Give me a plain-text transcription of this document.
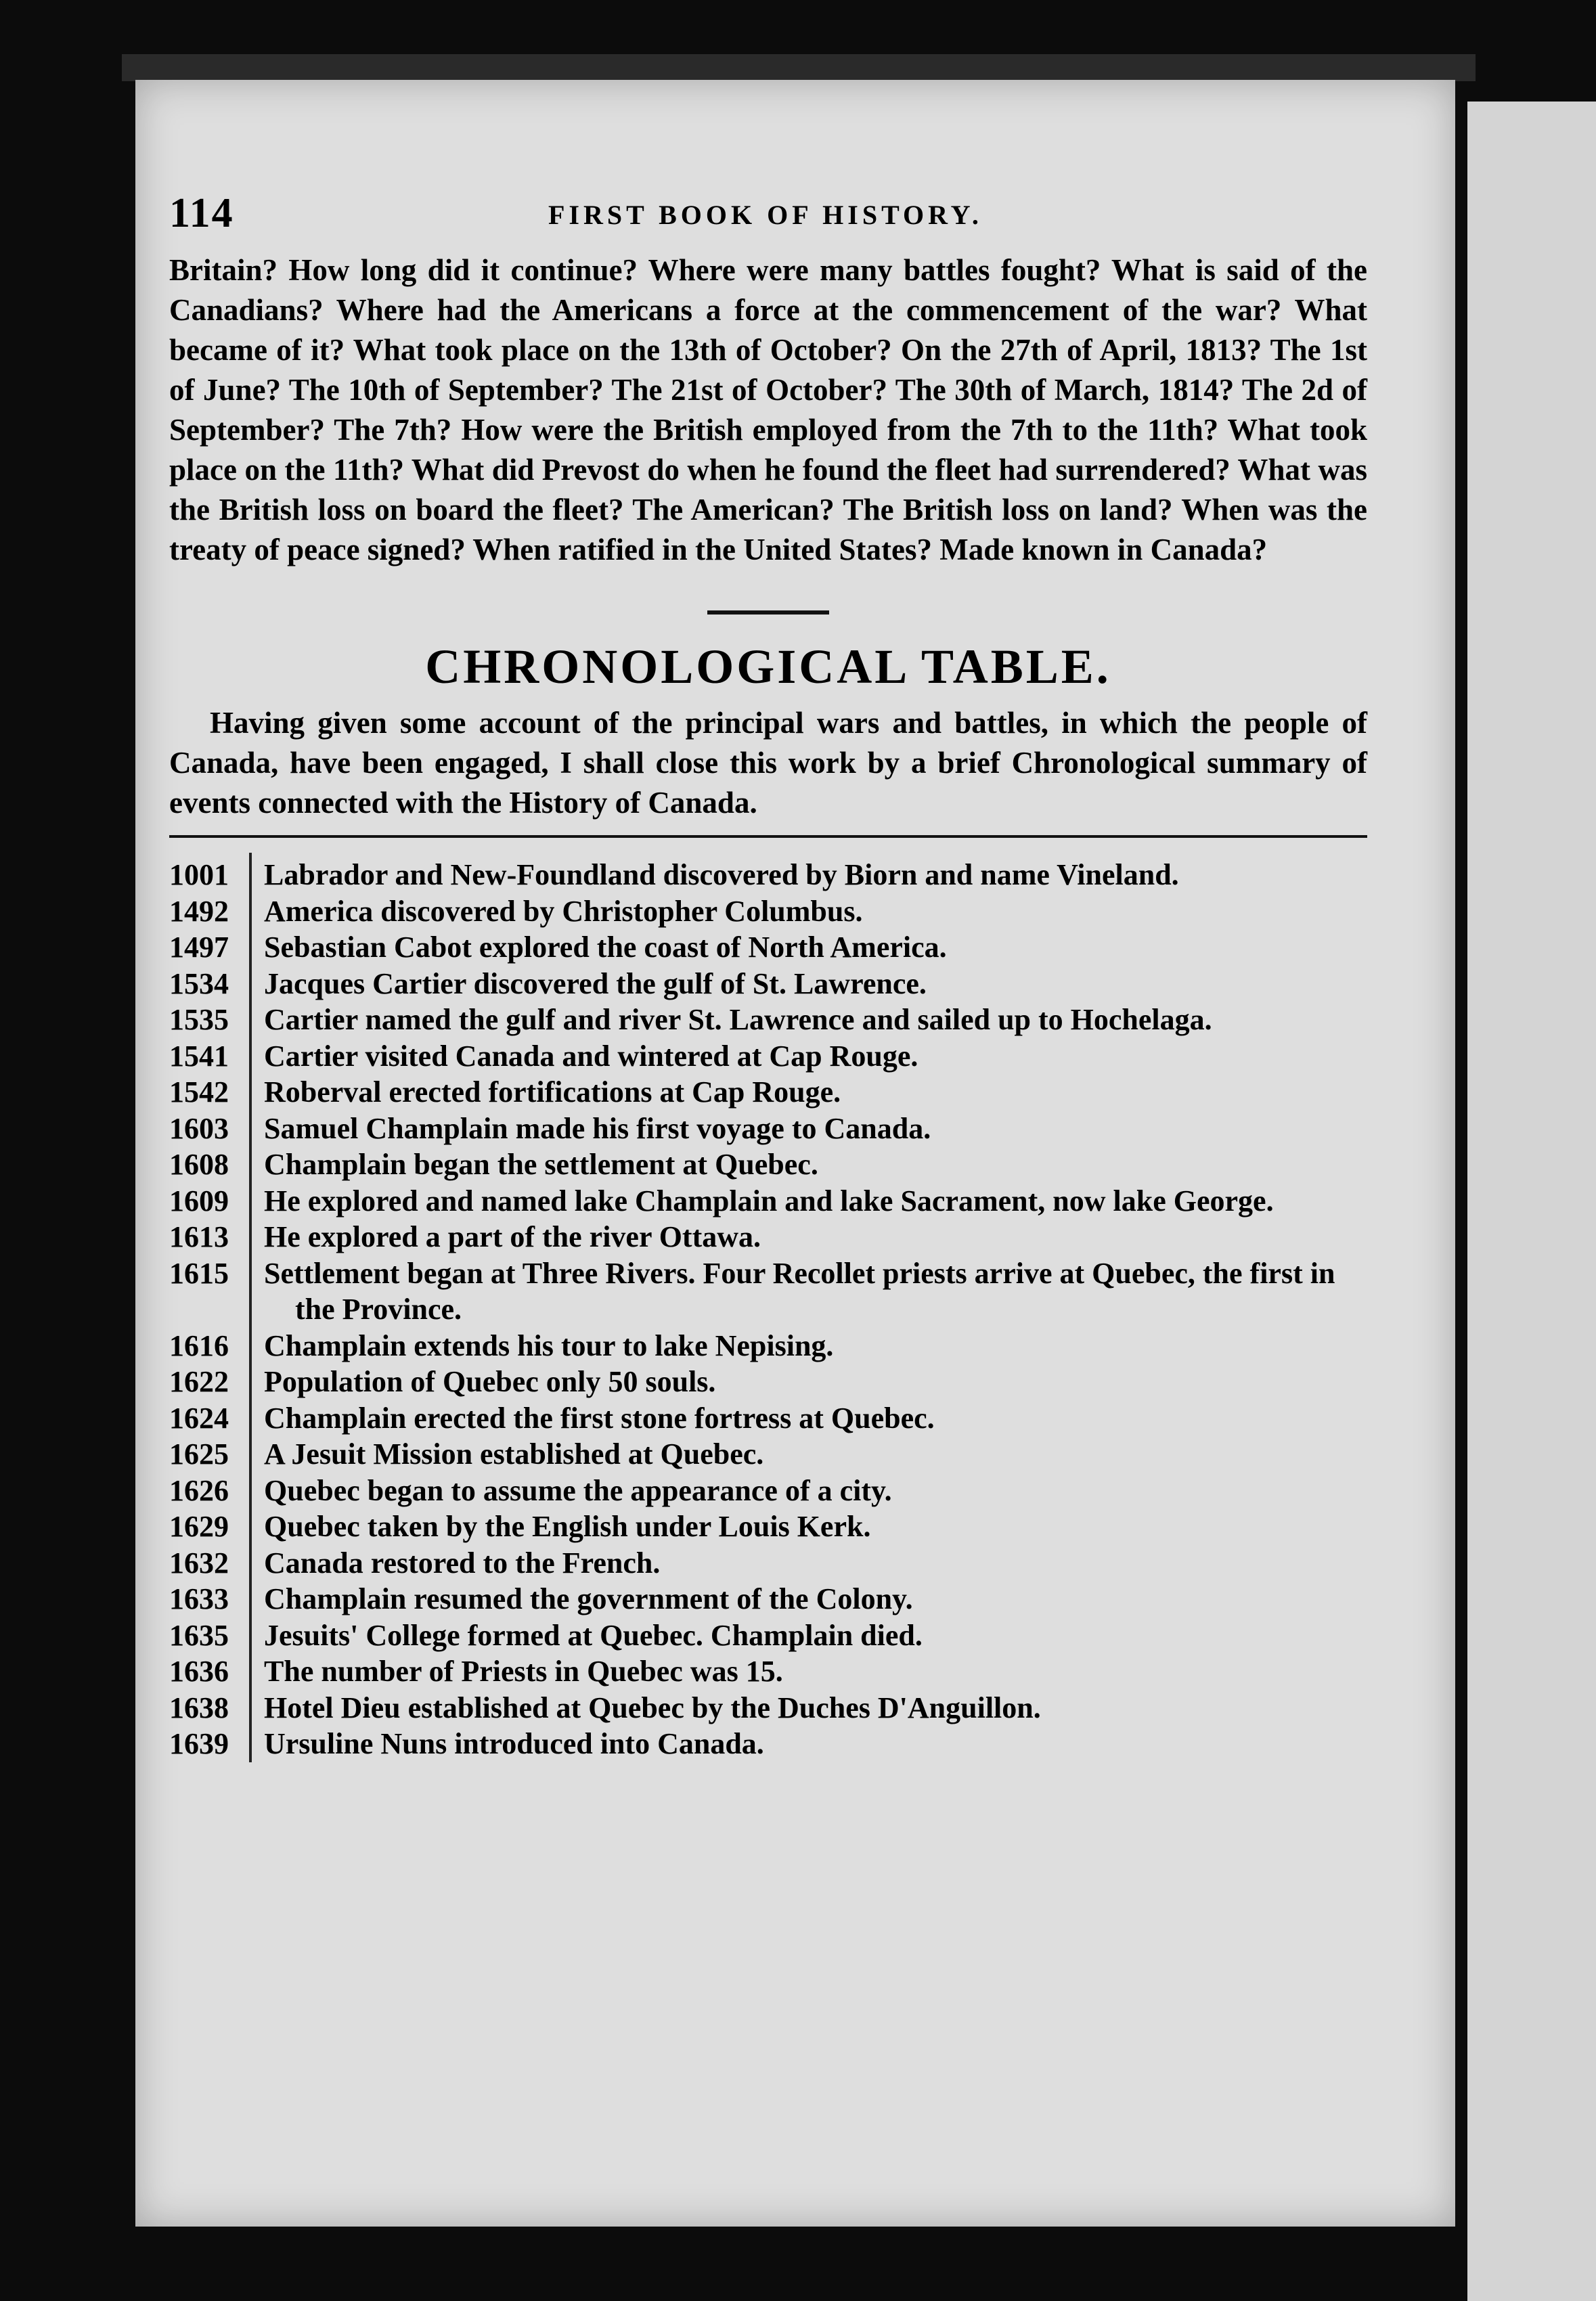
114	FIRST BOOK OF HISTORY.

Britain? How long did it continue? Where were many battles fought? What is said of the Canadians? Where had the Americans a force at the commencement of the war? What became of it? What took place on the 13th of October? On the 27th of April, 1813? The 1st of June? The 10th of September? The 21st of October? The 30th of March, 1814? The 2d of September? The 7th? How were the British employed from the 7th to the 11th? What took place on the 11th? What did Prevost do when he found the fleet had surrendered? What was the British loss on board the fleet? The American? The British loss on land? When was the treaty of peace signed? When ratified in the United States? Made known in Canada?

CHRONOLOGICAL TABLE.

Having given some account of the principal wars and battles, in which the people of Canada, have been engaged, I shall close this work by a brief Chronological summary of events connected with the History of Canada.

1001	Labrador and New-Foundland discovered by Biorn and name Vineland.
1492	America discovered by Christopher Columbus.
1497	Sebastian Cabot explored the coast of North America.
1534	Jacques Cartier discovered the gulf of St. Lawrence.
1535	Cartier named the gulf and river St. Lawrence and sailed up to Hochelaga.
1541	Cartier visited Canada and wintered at Cap Rouge.
1542	Roberval erected fortifications at Cap Rouge.
1603	Samuel Champlain made his first voyage to Canada.
1608	Champlain began the settlement at Quebec.
1609	He explored and named lake Champlain and lake Sacrament, now lake George.
1613	He explored a part of the river Ottawa.
1615	Settlement began at Three Rivers. Four Recollet priests arrive at Quebec, the first in the Province.
1616	Champlain extends his tour to lake Nepising.
1622	Population of Quebec only 50 souls.
1624	Champlain erected the first stone fortress at Quebec.
1625	A Jesuit Mission established at Quebec.
1626	Quebec began to assume the appearance of a city.
1629	Quebec taken by the English under Louis Kerk.
1632	Canada restored to the French.
1633	Champlain resumed the government of the Colony.
1635	Jesuits' College formed at Quebec. Champlain died.
1636	The number of Priests in Quebec was 15.
1638	Hotel Dieu established at Quebec by the Duches D'Anguillon.
1639	Ursuline Nuns introduced into Canada.
